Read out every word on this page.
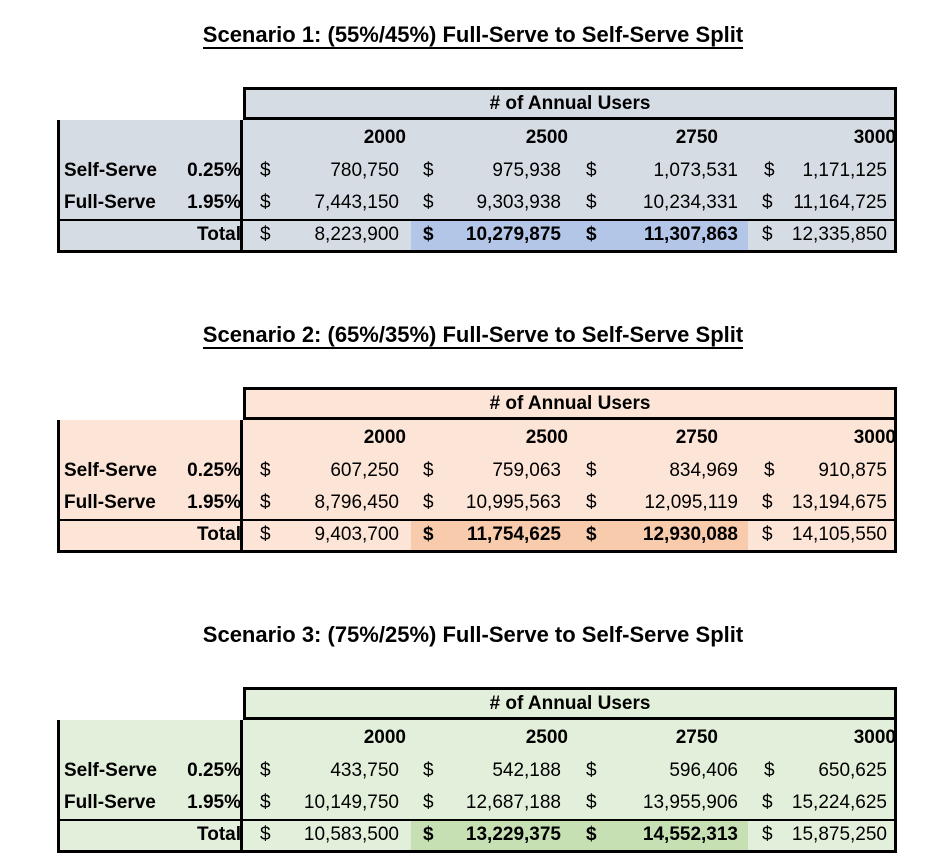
Scenario 1: (55%/45%) Full-Serve to Self-Serve Split
# of Annual Users
2000	2500	2750	3000
Self-Serve	0.25% $	780,750 $	975,938 $	1,073,531 $	1,171,125
Full-Serve	1.95% $	7,443,150 $	9,303,938 $	10,234,331 $	11,164,725
Total $	8,223,900 $	10,279,875 $	11,307,863 $	12,335,850
Scenario 2: (65%/35%) Full-Serve to Self-Serve Split
# of Annual Users
2000	2500	2750	3000
Self-Serve	0.25% $	607,250 $	759,063 $	834,969 $	910,875
Full-Serve	1.95% $	8,796,450 $	10,995,563 $	12,095,119 $	13,194,675
Total $	9,403,700 $	11,754,625 $	12,930,088 $	14,105,550
Scenario 3: (75%/25%) Full-Serve to Self-Serve Split
# of Annual Users
2000	2500	2750	3000
Self-Serve	0.25% $	433,750 $	542,188 $	596,406 $	650,625
Full-Serve	1.95% $	10,149,750 $	12,687,188 $	13,955,906 $	15,224,625
Total $	10,583,500 $	13,229,375 $	14,552,313 $	15,875,250
